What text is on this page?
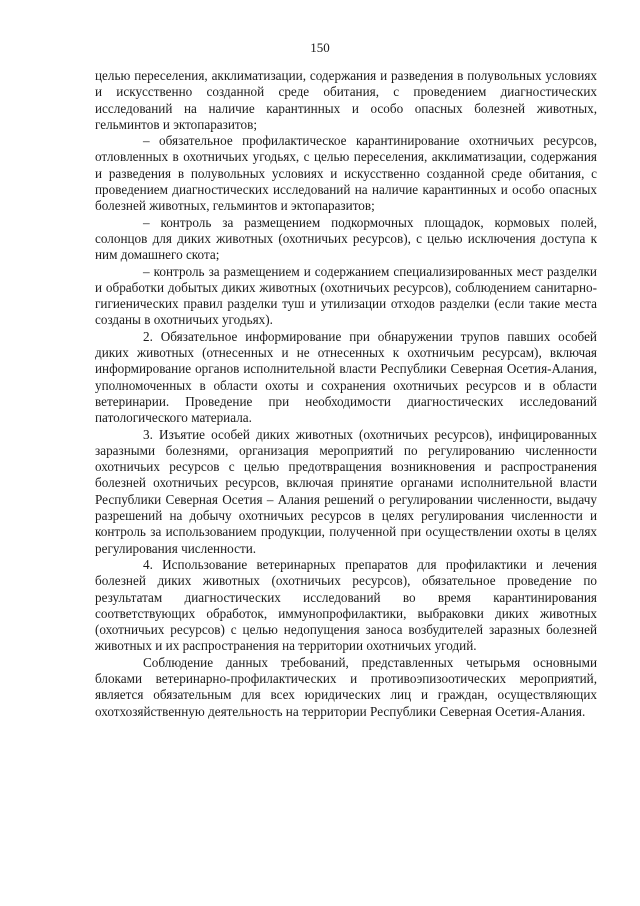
150

целью переселения, акклиматизации, содержания и разведения в полувольных условиях и искусственно созданной среде обитания, с проведением диагностических исследований на наличие карантинных и особо опасных болезней животных, гельминтов и эктопаразитов;

– обязательное профилактическое карантинирование охотничьих ресурсов, отловленных в охотничьих угодьях, с целью переселения, акклиматизации, содержания и разведения в полувольных условиях и искусственно созданной среде обитания, с проведением диагностических исследований на наличие карантинных и особо опасных болезней животных, гельминтов и эктопаразитов;

– контроль за размещением подкормочных площадок, кормовых полей, солонцов для диких животных (охотничьих ресурсов), с целью исключения доступа к ним домашнего скота;

– контроль за размещением и содержанием специализированных мест разделки и обработки добытых диких животных (охотничьих ресурсов), соблюдением санитарно-гигиенических правил разделки туш и утилизации отходов разделки (если такие места созданы в охотничьих угодьях).

2. Обязательное информирование при обнаружении трупов павших особей диких животных (отнесенных и не отнесенных к охотничьим ресурсам), включая информирование органов исполнительной власти Республики Северная Осетия-Алания, уполномоченных в области охоты и сохранения охотничьих ресурсов и в области ветеринарии. Проведение при необходимости диагностических исследований патологического материала.

3. Изъятие особей диких животных (охотничьих ресурсов), инфицированных заразными болезнями, организация мероприятий по регулированию численности охотничьих ресурсов с целью предотвращения возникновения и распространения болезней охотничьих ресурсов, включая принятие органами исполнительной власти Республики Северная Осетия – Алания решений о регулировании численности, выдачу разрешений на добычу охотничьих ресурсов в целях регулирования численности и контроль за использованием продукции, полученной при осуществлении охоты в целях регулирования численности.

4. Использование ветеринарных препаратов для профилактики и лечения болезней диких животных (охотничьих ресурсов), обязательное проведение по результатам диагностических исследований во время карантинирования соответствующих обработок, иммунопрофилактики, выбраковки диких животных (охотничьих ресурсов) с целью недопущения заноса возбудителей заразных болезней животных и их распространения на территории охотничьих угодий.

Соблюдение данных требований, представленных четырьмя основными блоками ветеринарно-профилактических и противоэпизоотических мероприятий, является обязательным для всех юридических лиц и граждан, осуществляющих охотхозяйственную деятельность на территории Республики Северная Осетия-Алания.
